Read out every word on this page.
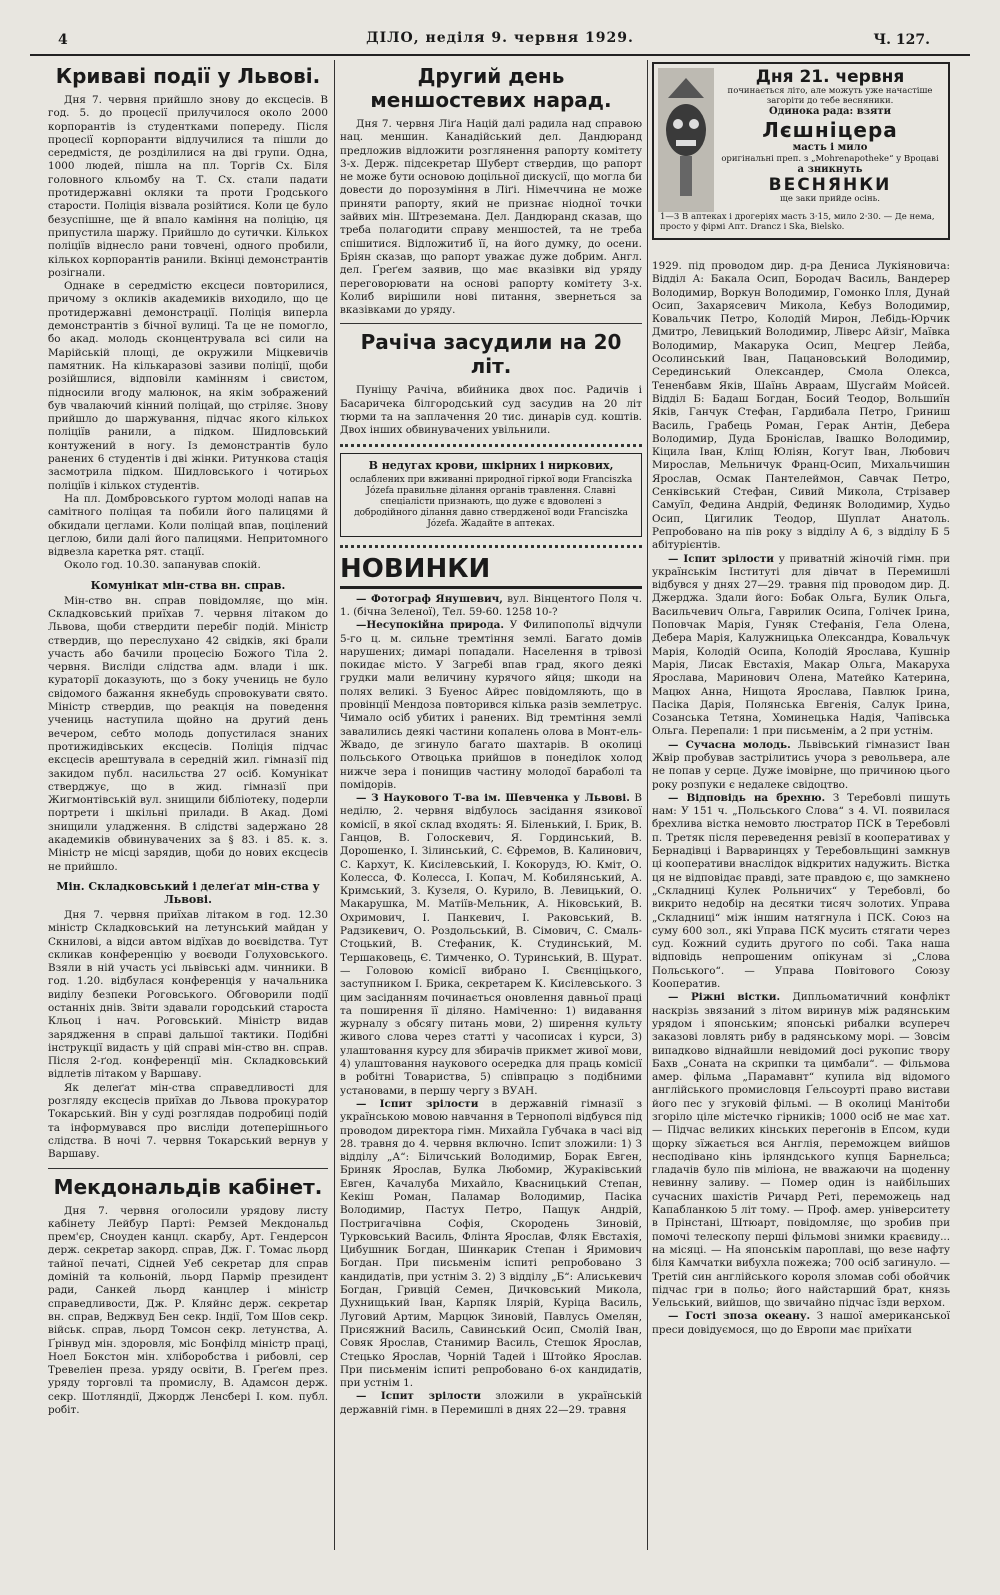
4	ДІЛО, неділя 9. червня 1929.	Ч. 127.
Криваві події у Львові.

Дня 7. червня прийшло знову до ексцесів. В год. 5. до процесії прилучилося около 2000 корпорантів із студентками попереду. Після процесії корпоранти відлучилися та пішли до середмістя, де розділилися на дві групи. Одна, 1000 людей, пішла на пл. Торгів Сх. Біля головного кльомбу на Т. Сх. стали падати протидержавні окляки та проти Гродського старости. Поліція візвала розійтися. Коли це було безуспішне, ще й впало каміння на поліцію, ця припустила шаржу. Прийшло до сутички. Кількох поліціїв віднесло рани товчені, одного пробили, кількох корпорантів ранили. Вкінці демонстрантів розігнали.

Однаке в середмістю ексцеси повторилися, причому з окликів академиків виходило, що це протидержавні демонстрації. Поліція виперла демонстрантів з бічної вулиці. Та це не помогло, бо акад. молодь сконцентрувала всі сили на Марійській площі, де окружили Міцкевичів памятник. На кількаразові зазиви поліції, щоби розійшлися, відповіли камінням і свистом, підносили вгоду малюнок, на якім зображений був чвалаючий кінний поліцай, що стріляє. Знову прийшло до шаржування, підчас якого кількох поліціїв ранили, а підком. Шидловський контужений в ногу. Із демонстрантів було ранених 6 студентів і дві жінки. Ритункова стація засмотрила підком. Шидловського і чотирьох поліціїв і кількох студентів.

На пл. Домбровського гуртом молоді напав на самітного поліцая та побили його палицями й обкидали цеглами. Коли поліцай впав, поцілений цеглою, били далі його палицями. Непритомного відвезла каретка рят. стації.

Около год. 10.30. запанував спокій.

Комунікат мін-ства вн. справ.

Мін-ство вн. справ повідомляє, що мін. Складковський приїхав 7. червня літаком до Львова, щоби ствердити перебіг подій. Міністр ствердив, що переслухано 42 свідків, які брали участь або бачили процесію Божого Тіла 2. червня. Висліди слідства адм. влади і шк. кураторії доказують, що з боку учениць не було свідомого бажання якнебудь спровокувати свято. Міністр ствердив, що реакція на поведення учениць наступила щойно на другий день вечером, себто молодь допустилася знаних протижидівських ексцесів. Поліція підчас ексцесів арештувала в середній жил. гімназії під закидом публ. насильства 27 осіб. Комунікат стверджує, що в жид. гімназії при Жигмонтівській вул. знищили бібліотеку, подерли портрети і шкільні прилади. В Акад. Домі знищили уладження. В слідстві задержано 28 академиків обвинувачених за § 83. і 85. к. з. Міністр не місці зарядив, щоби до нових ексцесів не прийшло.

Мін. Складковський і делеґат мін-ства у Львові.

Дня 7. червня приїхав літаком в год. 12.30 міністр Складковський на летунський майдан у Скнилові, а відси автом відїхав до воєвідства. Тут скликав конференцію у воєводи Голуховського. Взяли в ній участь усі львівські адм. чинники. В год. 1.20. відбулася конференція у начальника виділу безпеки Роговського. Обговорили події останніх днів. Звіти здавали городський староста Кльоц і нач. Роговський. Міністр видав зарядження в справі дальшої тактики. Подібні інструкції видасть у цій справі мін-ство вн. справ. Після 2-ґод. конференції мін. Складковський відлетів літаком у Варшаву.

Як делеґат мін-ства справедливості для розгляду ексцесів приїхав до Львова прокуратор Токарський. Він у суді розглядав подробиці подій та інформувався про висліди дотеперішнього слідства. В ночі 7. червня Токарський вернув у Варшаву.

Мекдональдів кабінет.

Дня 7. червня оголосили урядову листу кабінету Лейбур Парті: Ремзей Мекдональд прем'єр, Сноуден канцл. скарбу, Арт. Гендерсон держ. секретар закорд. справ, Дж. Г. Томас льорд тайної печаті, Сідней Уеб секретар для справ доміній та кольоній, льорд Пармір президент ради, Санкей льорд канцлер і міністр справедливости, Дж. Р. Кляйнс держ. секретар вн. справ, Веджвуд Бен секр. Індії, Том Шов секр. військ. справ, льорд Томсон секр. летунства, А. Ґрінвуд мін. здоровля, міс Бонфілд міністр праці, Ноел Бокстон мін. хліборобства і рибовлі, сер Тревеліен преза. уряду освіти, В. Ґреґем през. уряду торговлі та промислу, В. Адамсон держ. секр. Шотляндії, Джордж Ленсбері І. ком. публ. робіт.

Другий день меншостевих нарад.

Дня 7. червня Ліґа Націй далі радила над справою нац. меншин. Канадійський дел. Дандюранд предложив відложити розглянення рапорту комітету 3-х. Держ. підсекретар Шуберт ствердив, що рапорт не може бути основою доцільної дискусії, що могла би довести до порозуміння в Ліґі. Німеччина не може приняти рапорту, який не признає ніодної точки зайвих мін. Штреземана. Дел. Дандюранд сказав, що треба полагодити справу меншостей, та не треба спішитися. Відложитиб її, на його думку, до осени. Бріян сказав, що рапорт уважає дуже добрим. Англ. дел. Ґреґем заявив, що має вказівки від уряду переговорювати на основі рапорту комітету 3-х. Колиб вирішили нові питання, звернеться за вказівками до уряду.

Рачіча засудили на 20 літ.

Пуніщу Рачіча, вбийника двох пос. Радичів і Басаричека білгородський суд засудив на 20 літ тюрми та на заплачення 20 тис. динарів суд. коштів. Двох інших обвинувачених увільнили.

В недугах крови, шкірних і ниркових,
ослаблених при вживанні природної гіркої води Franciszka Józefa правильне ділання органів травлення. Славні спеціалісти признають, що дуже є вдоволені з добродійного ділання давно ствердженої води Franciszka Józefa. Жадайте в аптеках.
НОВИНКИ

— Фотограф Янушевич, вул. Вінцентого Поля ч. 1. (бічна Зеленої), Тел. 59-60. 1258 10-?

—Несупокійна природа. У Филипопольї відчули 5-го ц. м. сильне тремтіння землі. Багато домів нарушених; димарі попадали. Населення в трівозі покидає місто. У Загребі впав град, якого деякі грудки мали величину курячого яйця; шкоди на полях великі. З Буенос Айрес повідомляють, що в провінції Мендоза повторився кілька разів землетрус. Чимало осіб убитих і ранених. Від тремтіння землі завалились деякі частини копалень олова в Монт-ель-Жвадо, де згинуло багато шахтарів. В околиці польського Отвоцька прийшов в понеділок холод нижче зера і понищив частину молодої бараболі та помідорів.

— З Наукового Т-ва ім. Шевченка у Львові. В неділю, 2. червня відбулось засідання язикової комісії, в якої склад входять: Я. Біленький, І. Брик, В. Ганцов, В. Голоскевич, Я. Гординський, В. Дорошенко, І. Зілинський, С. Єфремов, В. Калинович, С. Кархут, К. Кисілевський, І. Кокорудз, Ю. Кміт, О. Колесса, Ф. Колесса, І. Копач, М. Кобилянський, А. Кримський, З. Кузеля, О. Курило, В. Левицький, О. Макарушка, М. Матіїв-Мельник, А. Ніковський, В. Охримович, І. Панкевич, І. Раковський, В. Радзикевич, О. Роздольський, В. Сімович, С. Смаль-Стоцький, В. Стефаник, К. Студинський, М. Тершаковець, Є. Тимченко, О. Туринський, В. Щурат. — Головою комісії вибрано І. Свєнціцького, заступником І. Брика, секретарем К. Кисілевського. З цим засіданням починається оновлення давньої праці та поширення її діляно. Наміченно: 1) видавання журналу з обсягу питань мови, 2) ширення культу живого слова через статті у часописах і курси, 3) улаштовання курсу для збирачів прикмет живої мови, 4) улаштовання наукового осередка для праць комісії в робітні Товариства, 5) співпрацю з подібними установами, в першу чергу з ВУАН.

— Іспит зрілости в державній гімназії з українською мовою навчання в Тернополі відбувся під проводом директора гімн. Михайла Губчака в часі від 28. травня до 4. червня включно. Іспит зложили: 1) З відділу „А“: Біличський Володимир, Борак Евген, Бриняк Ярослав, Булка Любомир, Жураківський Евген, Качалуба Михайло, Квасницький Степан, Кекіш Роман, Паламар Володимир, Пасіка Володимир, Пастух Петро, Пащук Андрій, Постригачівна Софія, Скородень Зиновій, Турковський Василь, Флінта Ярослав, Фляк Евстахія, Цибушник Богдан, Шинкарик Степан і Яримович Богдан. При письменім іспиті репробовано 3 кандидатів, при устнім 3. 2) З відділу „Б“: Алиськевич Богдан, Гривцій Семен, Дичковський Микола, Духнищький Іван, Карпяк Ілярій, Куріца Василь, Луговий Артим, Марцюк Зиновій, Павлусь Омелян, Присяжний Василь, Савинський Осип, Смолій Іван, Совяк Ярослав, Станимир Василь, Стешок Ярослав, Стецько Ярослав, Чорній Тадей і Штойко Ярослав. При письменім іспиті репробовано 6-ох кандидатів, при устнім 1.

— Іспит зрілости зложили в українській державній гімн. в Перемишлі в днях 22—29. травня

Дня 21. червня
починається літо, але можуть уже начастіше загоріти до тебе весняники.
Одинока рада: взяти
Лєшніцера
масть і мило
оригінальні преп. з „Mohrenapotheke“ у Вроцаві
а зникнуть
ВЕСНЯНКИ
ще заки прийде осінь.
1—3 В аптеках і дрогеріях масть 3·15, мило 2·30. — Де нема, просто у фірмі Апт. Drancz i Ska, Bielsko.

1929. під проводом дир. д-ра Дениса Лукіяновича: Відділ А: Бакала Осип, Бородач Василь, Вандерер Володимир, Воркун Володимир, Гомонко Ілля, Дунай Осип, Захарясевич Микола, Кебуз Володимир, Ковальчик Петро, Колодій Мирон, Лебідь-Юрчик Дмитро, Левицький Володимир, Ліверс Айзіґ, Маївка Володимир, Макарука Осип, Мецгер Лейба, Осолинський Іван, Пацановський Володимир, Серединський Олександер, Смола Олекса, Тененбавм Яків, Шаїнь Авраам, Шусгайм Мойсей. Відділ Б: Бадаш Богдан, Босий Теодор, Вольшиїн Яків, Ганчук Стефан, Гардибала Петро, Гриниш Василь, Грабець Роман, Герак Антін, Дебера Володимир, Дуда Броніслав, Івашко Володимир, Кіцила Іван, Кліщ Юліян, Когут Іван, Любович Мирослав, Мельничук Франц-Осип, Михальчишин Ярослав, Осмак Пантелеймон, Савчак Петро, Сенківський Стефан, Сивий Микола, Стрізавер Самуїл, Федина Андрій, Фединяк Володимир, Худьо Осип, Цигилик Теодор, Шуплат Анатоль. Репробовано на пів року з відділу А 6, з відділу Б 5 абітурієнтів.

— Іспит зрілости у приватній жіночій гімн. при українськім Інституті для дівчат в Перемишлі відбувся у днях 27—29. травня під проводом дир. Д. Джерджа. Здали його: Бобак Ольга, Булик Ольга, Васильчевич Ольга, Гаврилик Осипа, Голічек Ірина, Поповчак Марія, Гуняк Стефанія, Гела Олена, Дебера Марія, Калужницька Олександра, Ковальчук Марія, Колодій Осипа, Колодій Ярослава, Кушнір Марія, Лисак Евстахія, Макар Ольга, Макаруха Ярослава, Маринович Олена, Матейко Катерина, Мацюх Анна, Нищота Ярослава, Павлюк Ірина, Пасіка Дарія, Полянська Евгенія, Салук Ірина, Созанська Тетяна, Хоминецька Надія, Чапівська Ольга. Перепали: 1 при письменім, а 2 при устнім.

— Сучасна молодь. Львівський гімназист Іван Жвір пробував застрілитись учора з револьвера, але не попав у серце. Дуже імовірне, що причиною цього року розпуки є недалеке свідоцтво.

— Відповідь на брехню. З Теребовлі пишуть нам: У 151 ч. „Польського Слова“ з 4. VI. появилася брехлива вістка немовто люстратор ПСК в Теребовлі п. Третяк після переведення ревізії в кооперативах у Бернадівці і Варваринцях у Теребовльщині замкнув ці кооперативи внаслідок відкритих надужить. Вістка ця не відповідає правді, зате правдою є, що замкнено „Складниці Кулек Рольничих“ у Теребовлі, бо викрито недобір на десятки тисяч золотих. Управа „Складниці“ між іншим натягнула і ПСК. Союз на суму 600 зол., які Управа ПСК мусить стягати через суд. Кожний судить другого по собі. Така наша відповідь непрошеним опікунам зі „Слова Польського“. — Управа Повітового Союзу Кооператив.

— Ріжні вістки. Дипльоматичний конфлікт наскрізь звязаний з літом виринув між радянським урядом і японським; японські рибалки всупереч заказові ловлять рибу в радянському морі. — Зовсім випадково віднайшли невідомий досі рукопис твору Бахв „Соната на скрипки та цимбали“. — Фільмова амер. фільма „Парамавнт“ купила від відомого англійського промисловця Ґельсоурті право вистави його пес у згуковій фільмі. — В околиці Манітоби згоріло ціле містечко гірників; 1000 осіб не має хат. — Підчас великих кінських перегонів в Епсом, куди щорку зїжається вся Англія, переможцем вийшов несподівано кінь ірляндського купця Барнельса; гладачів було пів міліона, не вважаючи на щоденну невинну заливу. — Помер один із найбільших сучасних шахістів Ричард Реті, переможець над Капабланкою 5 літ тому. — Проф. амер. університету в Прінстані, Штюарт, повідомляє, що зробив при помочі телескопу перші фільмові знимки краєвиду... на місяці. — На японськім пароплаві, що везе нафту біля Камчатки вибухла пожежа; 700 осіб загинуло. — Третій син англійського короля зломав собі обойчик підчас гри в польо; його найстарший брат, князь Уельський, вийшов, що звичайно підчас їзди верхом.

— Гості зпоза океану. З нашої американської преси довідуємося, що до Европи має приїхати
